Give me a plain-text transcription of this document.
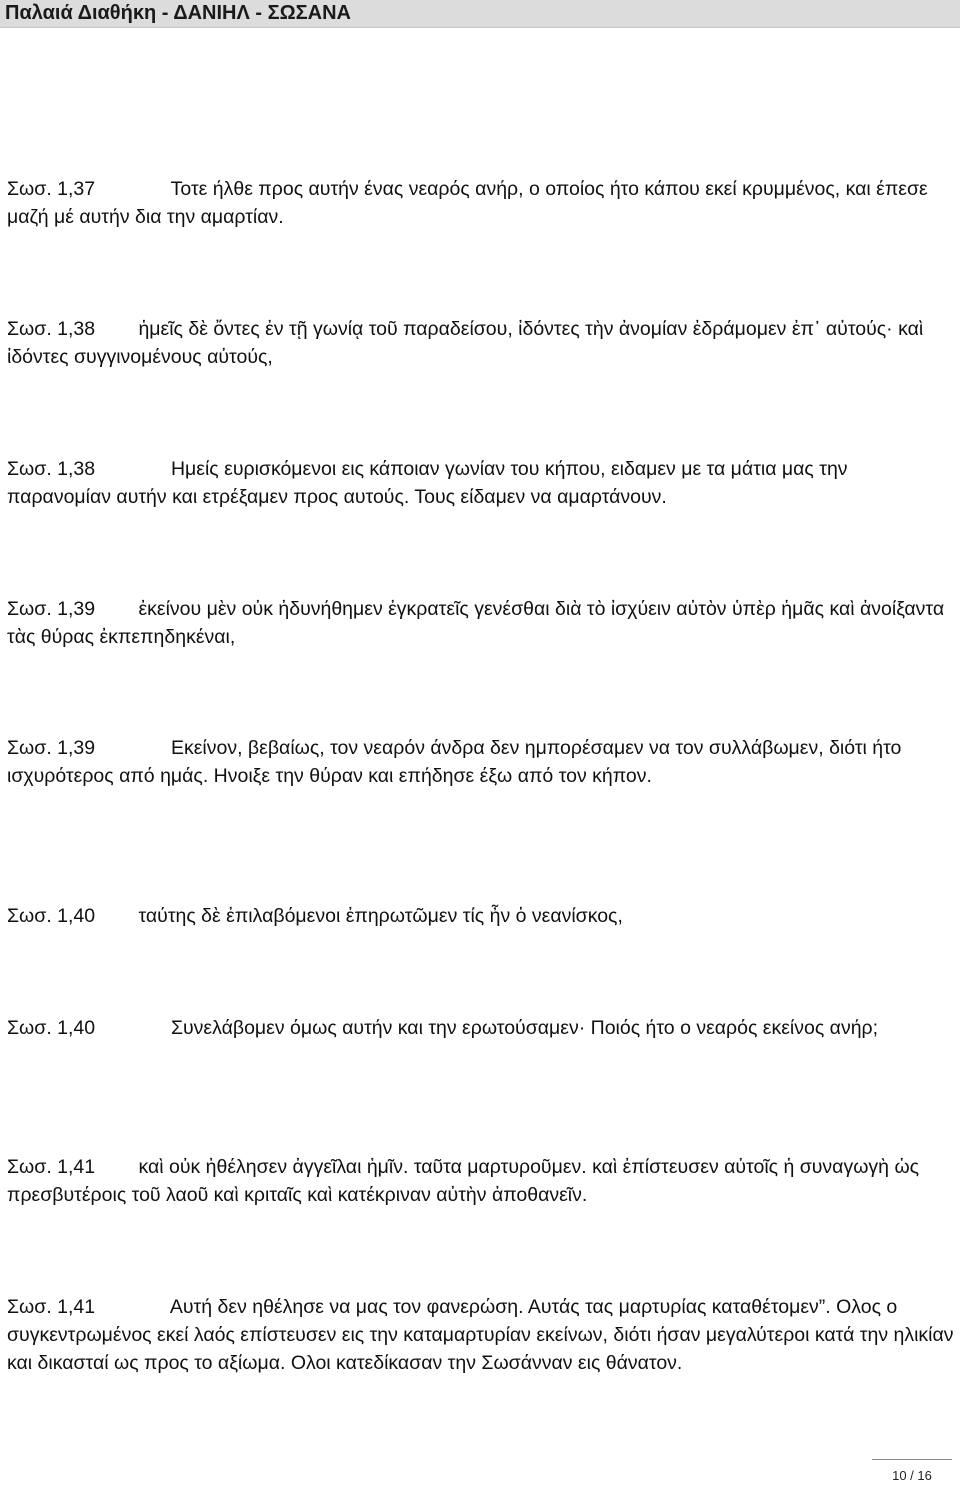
Παλαιά Διαθήκη - ΔΑΝΙΗΛ - ΣΩΣΑΝΑ
Σωσ. 1,37	Τοτε ήλθε προς αυτήν ένας νεαρός ανήρ, ο οποίος ήτο κάπου εκεί κρυμμένος, και έπεσε μαζή μέ αυτήν δια την αμαρτίαν.
Σωσ. 1,38 ἡμεῖς δὲ ὄντες ἐν τῇ γωνίᾳ τοῦ παραδείσου, ἰδόντες τὴν ἀνομίαν ἐδράμομεν ἐπ᾿ αὐτούς· καὶ ἰδόντες συγγινομένους αὐτούς,
Σωσ. 1,38	Ημείς ευρισκόμενοι εις κάποιαν γωνίαν του κήπου, ειδαμεν με τα μάτια μας την παρανομίαν αυτήν και ετρέξαμεν προς αυτούς. Τους είδαμεν να αμαρτάνουν.
Σωσ. 1,39 ἐκείνου μὲν οὐκ ἠδυνήθημεν ἐγκρατεῖς γενέσθαι διὰ τὸ ἰσχύειν αὐτὸν ὑπὲρ ἡμᾶς καὶ ἀνοίξαντα τὰς θύρας ἐκπεπηδηκέναι,
Σωσ. 1,39	Εκείνον, βεβαίως, τον νεαρόν άνδρα δεν ημπορέσαμεν να τον συλλάβωμεν, διότι ήτο ισχυρότερος από ημάς. Ηνοιξε την θύραν και επήδησε έξω από τον κήπον.
Σωσ. 1,40 ταύτης δὲ ἐπιλαβόμενοι ἐπηρωτῶμεν τίς ἦν ὁ νεανίσκος,
Σωσ. 1,40	Συνελάβομεν όμως αυτήν και την ερωτούσαμεν· Ποιός ήτο ο νεαρός εκείνος ανήρ;
Σωσ. 1,41 καὶ οὐκ ἠθέλησεν ἀγγεῖλαι ἡμῖν. ταῦτα μαρτυροῦμεν. καὶ ἐπίστευσεν αὐτοῖς ἡ συναγωγὴ ὡς πρεσβυτέροις τοῦ λαοῦ καὶ κριταῖς καὶ κατέκριναν αὐτὴν ἀποθανεῖν.
Σωσ. 1,41	Αυτή δεν ηθέλησε να μας τον φανερώση. Αυτάς τας μαρτυρίας καταθέτομεν”. Ολος ο συγκεντρωμένος εκεί λαός επίστευσεν εις την καταμαρτυρίαν εκείνων, διότι ήσαν μεγαλύτεροι κατά την ηλικίαν και δικασταί ως προς το αξίωμα. Ολοι κατεδίκασαν την Σωσάνναν εις θάνατον.
10 / 16
